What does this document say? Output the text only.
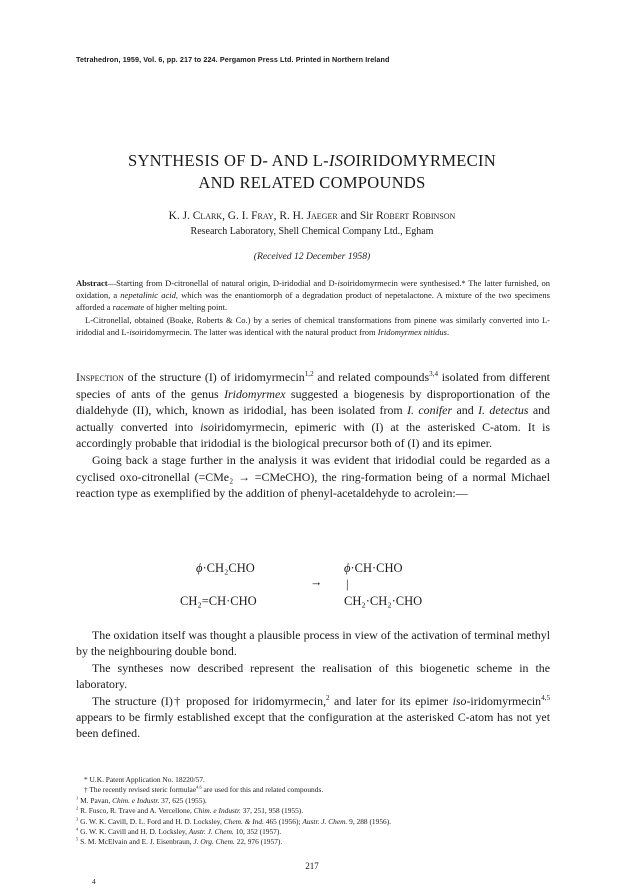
Tetrahedron, 1959, Vol. 6, pp. 217 to 224. Pergamon Press Ltd. Printed in Northern Ireland
SYNTHESIS OF D- AND L-ISOIRIDOMYRMECIN
AND RELATED COMPOUNDS
K. J. Clark, G. I. Fray, R. H. Jaeger and Sir Robert Robinson
Research Laboratory, Shell Chemical Company Ltd., Egham
(Received 12 December 1958)

Abstract—Starting from D-citronellal of natural origin, D-iridodial and D-isoiridomyrmecin were synthesised.* The latter furnished, on oxidation, a nepetalinic acid, which was the enantiomorph of a degradation product of nepetalactone. A mixture of the two specimens afforded a racemate of higher melting point.

L-Citronellal, obtained (Boake, Roberts & Co.) by a series of chemical transformations from pinene was similarly converted into L-iridodial and L-isoiridomyrmecin. The latter was identical with the natural product from Iridomyrmex nitidus.

Inspection of the structure (I) of iridomyrmecin$^{1,2}$ and related compounds$^{3,4}$ isolated from different species of ants of the genus Iridomyrmex suggested a biogenesis by disproportionation of the dialdehyde (II), which, known as iridodial, has been isolated from I. conifer and I. detectus and actually converted into isoiridomyrmecin, epimeric with (I) at the asterisked C-atom. It is accordingly probable that iridodial is the biological precursor both of (I) and its epimer.

Going back a stage further in the analysis it was evident that iridodial could be regarded as a cyclised oxo-citronellal (=CMe₂ → =CMeCHO), the ring-formation being of a normal Michael reaction type as exemplified by the addition of phenyl-acetaldehyde to acrolein:—

ϕ ·CH₂CHO
CH₂=CH·CHO
→
ϕ ·CH·CHO
|
CH₂·CH₂·CHO

The oxidation itself was thought a plausible process in view of the activation of terminal methyl by the neighbouring double bond.

The syntheses now described represent the realisation of this biogenetic scheme in the laboratory.

The structure (I)† proposed for iridomyrmecin,$^2$ and later for its epimer iso-iridomyrmecin$^{4,5}$ appears to be firmly established except that the configuration at the asterisked C-atom has not yet been defined.

* U.K. Patent Application No. 18220/57.
† The recently revised steric formulae$^{4,6}$ are used for this and related compounds.
$^1$ M. Pavan, Chim. e Industr. 37, 625 (1955).
$^2$ R. Fusco, R. Trave and A. Vercellone, Chim. e Industr. 37, 251, 958 (1955).
$^3$ G. W. K. Cavill, D. L. Ford and H. D. Locksley, Chem. & Ind. 465 (1956); Austr. J. Chem. 9, 288 (1956).
$^4$ G. W. K. Cavill and H. D. Locksley, Austr. J. Chem. 10, 352 (1957).
$^5$ S. M. McElvain and E. J. Eisenbraun, J. Org. Chem. 22, 976 (1957).
217
4
